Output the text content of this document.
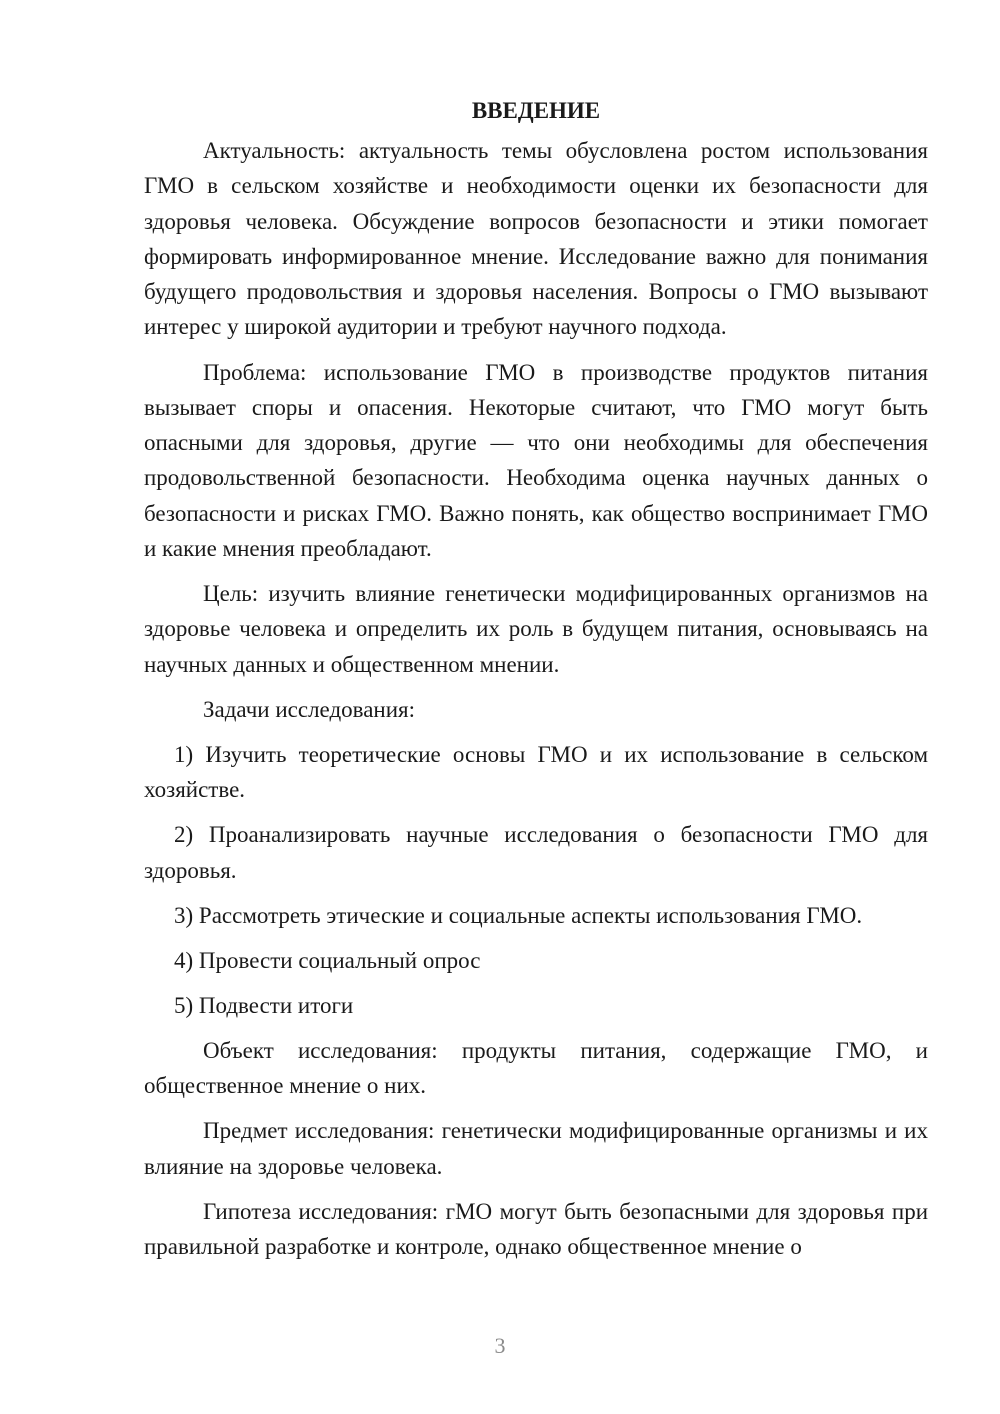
ВВЕДЕНИЕ

Актуальность: актуальность темы обусловлена ростом использования ГМО в сельском хозяйстве и необходимости оценки их безопасности для здоровья человека. Обсуждение вопросов безопасности и этики помогает формировать информированное мнение. Исследование важно для понимания будущего продовольствия и здоровья населения. Вопросы о ГМО вызывают интерес у широкой аудитории и требуют научного подхода.

Проблема: использование ГМО в производстве продуктов питания вызывает споры и опасения. Некоторые считают, что ГМО могут быть опасными для здоровья, другие — что они необходимы для обеспечения продовольственной безопасности. Необходима оценка научных данных о безопасности и рисках ГМО. Важно понять, как общество воспринимает ГМО и какие мнения преобладают.

Цель: изучить влияние генетически модифицированных организмов на здоровье человека и определить их роль в будущем питания, основываясь на научных данных и общественном мнении.

Задачи исследования:

1) Изучить теоретические основы ГМО и их использование в сельском хозяйстве.

2) Проанализировать научные исследования о безопасности ГМО для здоровья.

3) Рассмотреть этические и социальные аспекты использования ГМО.

4) Провести социальный опрос

5) Подвести итоги

Объект исследования: продукты питания, содержащие ГМО, и общественное мнение о них.

Предмет исследования: генетически модифицированные организмы и их влияние на здоровье человека.

Гипотеза исследования: гМО могут быть безопасными для здоровья при правильной разработке и контроле, однако общественное мнение о

3
